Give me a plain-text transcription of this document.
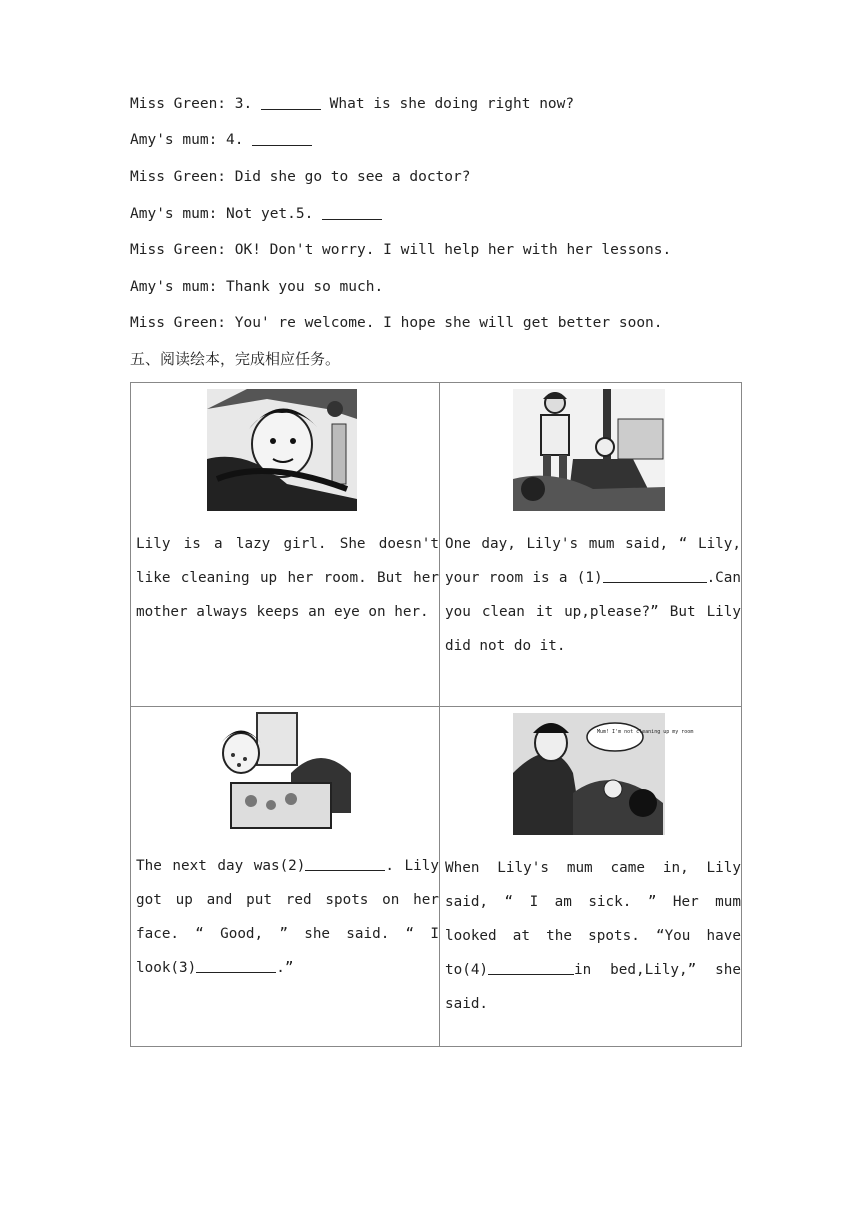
Miss Green: 3.	What is she doing right now?
Amy's mum: 4.
Miss Green: Did she go to see a doctor?
Amy's mum: Not yet.5.
Miss Green: OK! Don't worry. I will help her with her lessons.
Amy's mum: Thank you so much.
Miss Green: You' re welcome. I hope she will get better soon.
五、阅读绘本，完成相应任务。

Lily is a lazy girl. She doesn't like cleaning up her room. But her mother always keeps an eye on her.	One day, Lily's mum said, “ Lily, your room is a (1) .Can you clean it up,please?” But Lily did not do it.

The next day was(2) . Lily got up and put red spots on her face. “ Good, ” she said. “ I look(3) .”	Mum! I'm not cleaning up my room

When Lily's mum came in, Lily said, “ I am sick. ” Her mum looked at the spots. “You have to(4) in bed,Lily,” she said.
